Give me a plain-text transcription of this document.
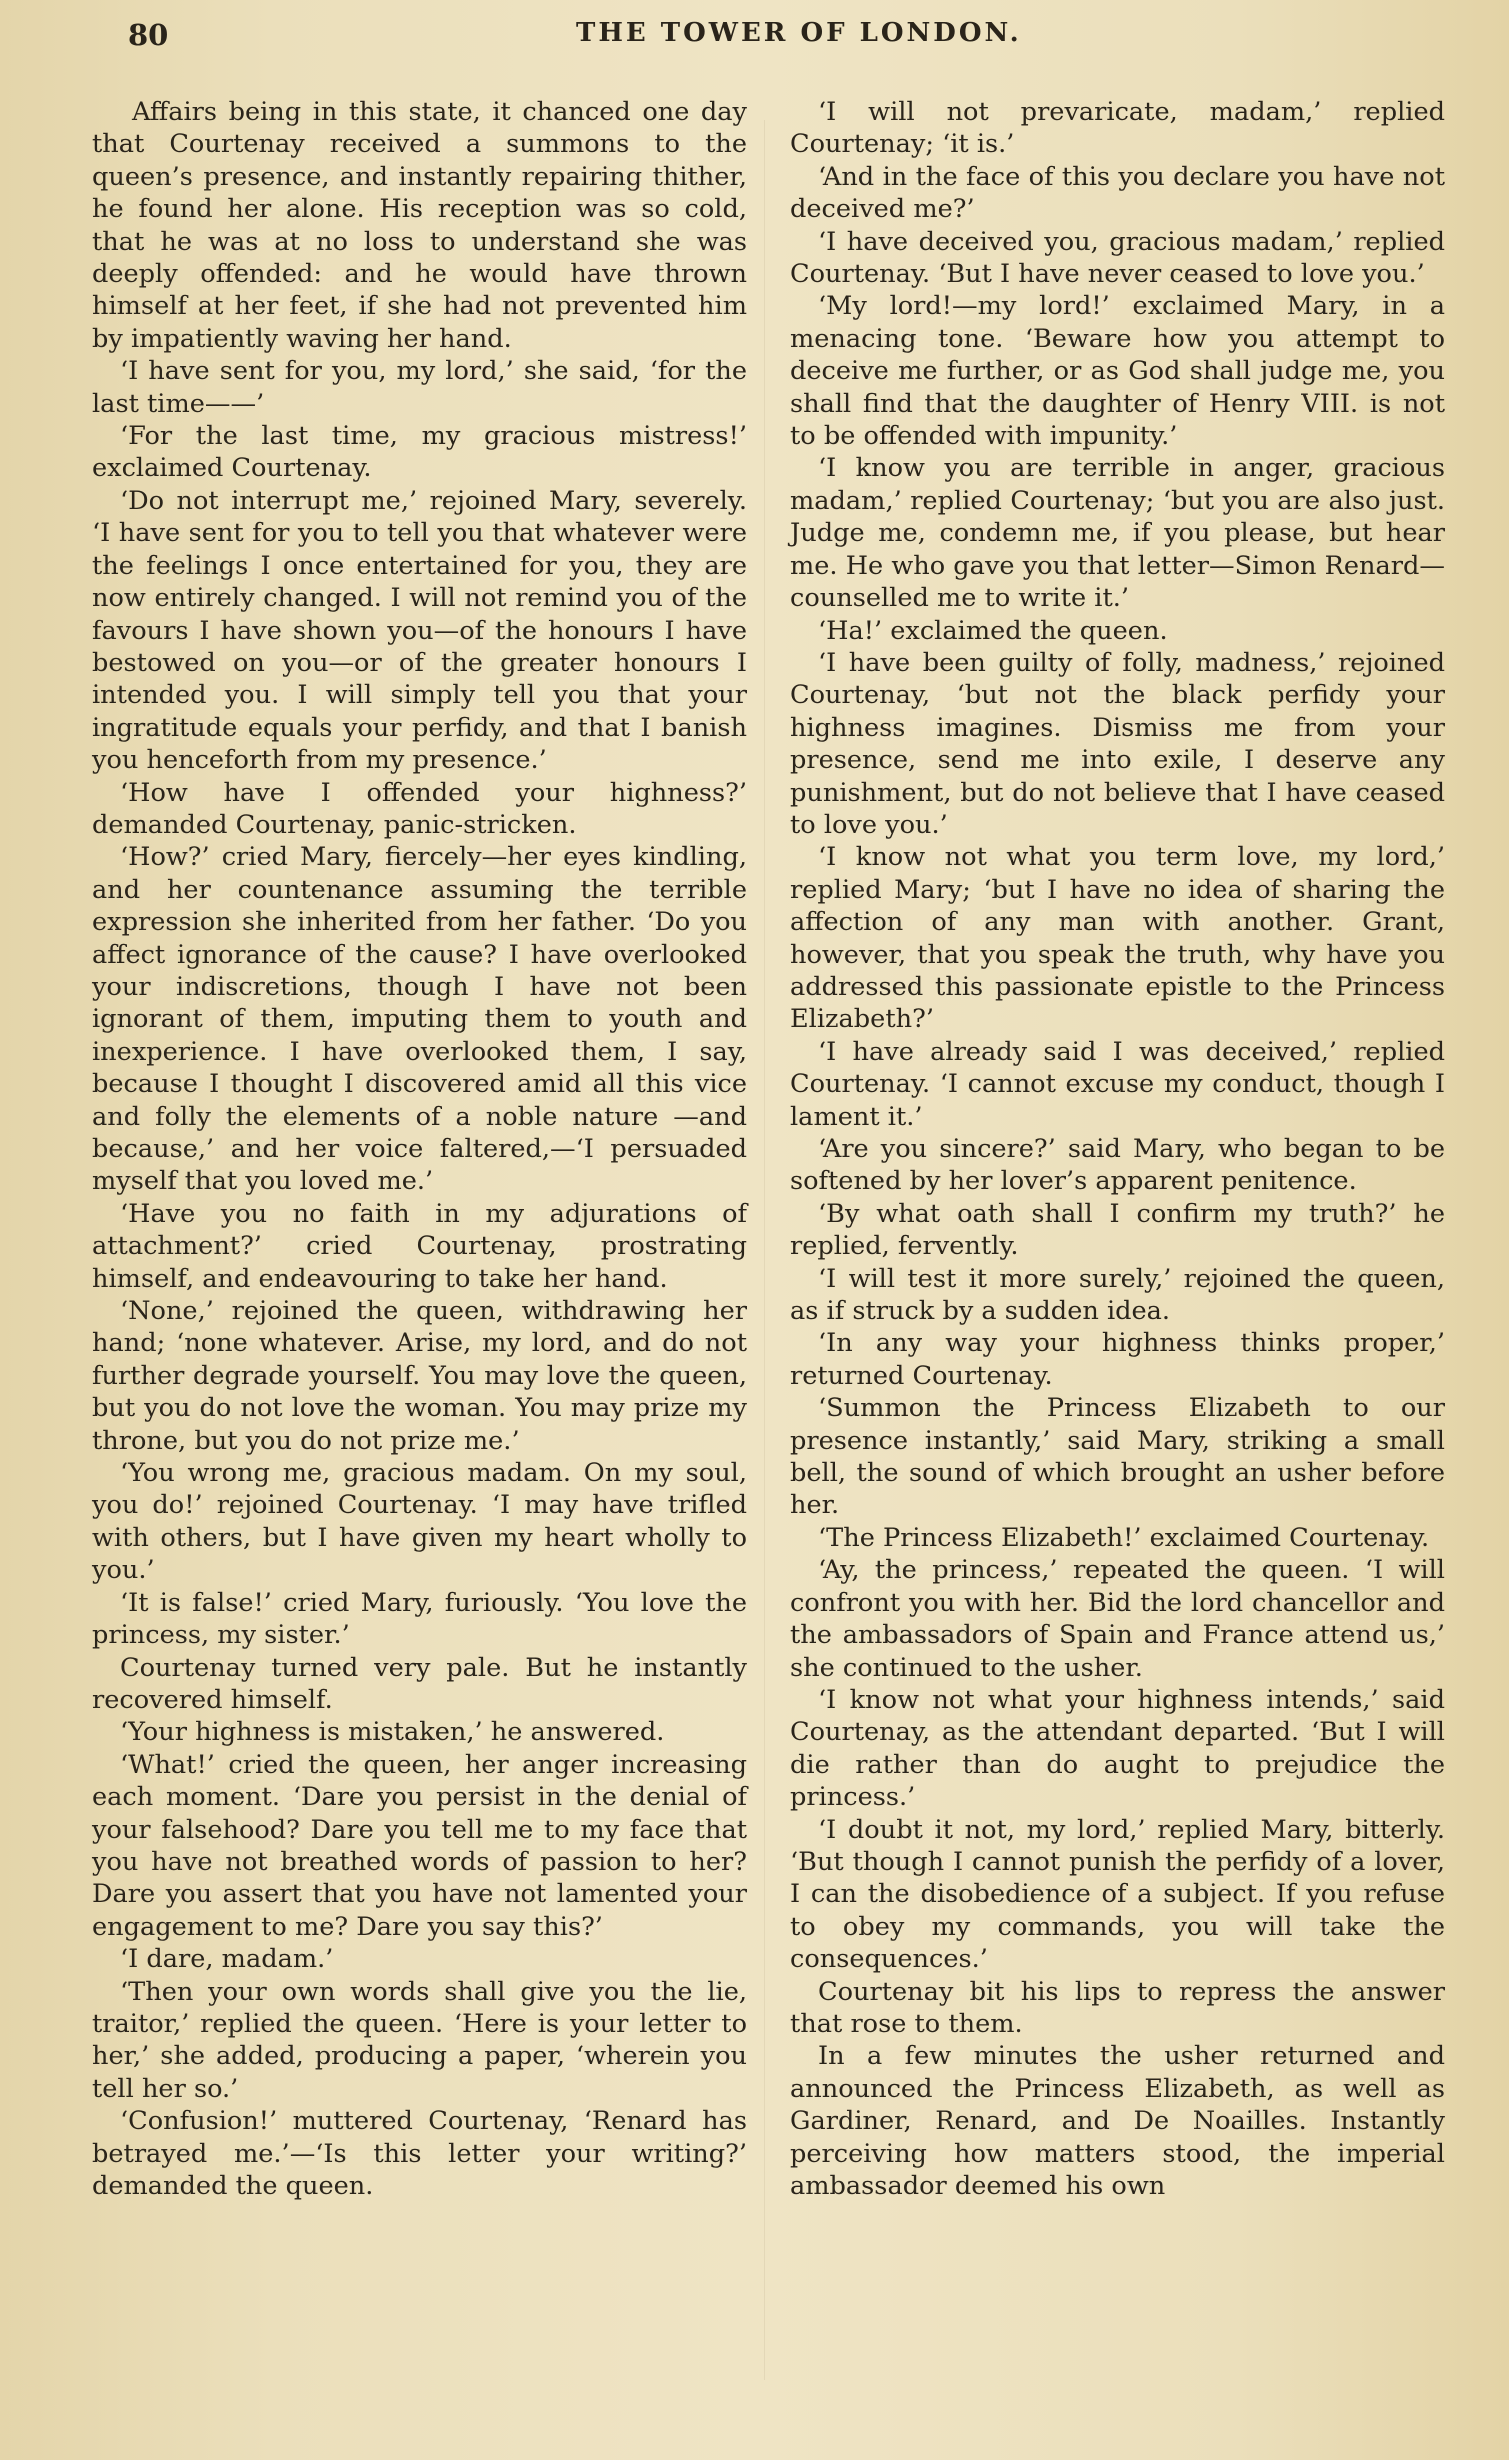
80	THE TOWER OF LONDON.

Affairs being in this state, it chanced one day that Courtenay received a summons to the queen’s presence, and instantly repairing thither, he found her alone. His reception was so cold, that he was at no loss to understand she was deeply offended: and he would have thrown himself at her feet, if she had not prevented him by impatiently waving her hand.

‘I have sent for you, my lord,’ she said, ‘for the last time——’

‘For the last time, my gracious mistress!’ exclaimed Courtenay.

‘Do not interrupt me,’ rejoined Mary, severely. ‘I have sent for you to tell you that whatever were the feelings I once entertained for you, they are now entirely changed. I will not remind you of the favours I have shown you—of the honours I have bestowed on you—or of the greater honours I intended you. I will simply tell you that your ingratitude equals your perfidy, and that I banish you henceforth from my presence.’

‘How have I offended your highness?’ demanded Courtenay, panic-stricken.

‘How?’ cried Mary, fiercely—her eyes kindling, and her countenance assuming the terrible expression she inherited from her father. ‘Do you affect ignorance of the cause? I have overlooked your indiscretions, though I have not been ignorant of them, imputing them to youth and inexperience. I have overlooked them, I say, because I thought I discovered amid all this vice and folly the elements of a noble nature —and because,’ and her voice faltered,—‘I persuaded myself that you loved me.’

‘Have you no faith in my adjurations of attachment?’ cried Courtenay, prostrating himself, and endeavouring to take her hand.

‘None,’ rejoined the queen, withdrawing her hand; ‘none whatever. Arise, my lord, and do not further degrade yourself. You may love the queen, but you do not love the woman. You may prize my throne, but you do not prize me.’

‘You wrong me, gracious madam. On my soul, you do!’ rejoined Courtenay. ‘I may have trifled with others, but I have given my heart wholly to you.’

‘It is false!’ cried Mary, furiously. ‘You love the princess, my sister.’

Courtenay turned very pale. But he instantly recovered himself.

‘Your highness is mistaken,’ he answered.

‘What!’ cried the queen, her anger increasing each moment. ‘Dare you persist in the denial of your falsehood? Dare you tell me to my face that you have not breathed words of passion to her? Dare you assert that you have not lamented your engagement to me? Dare you say this?’

‘I dare, madam.’

‘Then your own words shall give you the lie, traitor,’ replied the queen. ‘Here is your letter to her,’ she added, producing a paper, ‘wherein you tell her so.’

‘Confusion!’ muttered Courtenay, ‘Renard has betrayed me.’—‘Is this letter your writing?’ demanded the queen.

‘I will not prevaricate, madam,’ replied Courtenay; ‘it is.’

‘And in the face of this you declare you have not deceived me?’

‘I have deceived you, gracious madam,’ replied Courtenay. ‘But I have never ceased to love you.’

‘My lord!—my lord!’ exclaimed Mary, in a menacing tone. ‘Beware how you attempt to deceive me further, or as God shall judge me, you shall find that the daughter of Henry VIII. is not to be offended with impunity.’

‘I know you are terrible in anger, gracious madam,’ replied Courtenay; ‘but you are also just. Judge me, condemn me, if you please, but hear me. He who gave you that letter—Simon Renard—counselled me to write it.’

‘Ha!’ exclaimed the queen.

‘I have been guilty of folly, madness,’ rejoined Courtenay, ‘but not the black perfidy your highness imagines. Dismiss me from your presence, send me into exile, I deserve any punishment, but do not believe that I have ceased to love you.’

‘I know not what you term love, my lord,’ replied Mary; ‘but I have no idea of sharing the affection of any man with another. Grant, however, that you speak the truth, why have you addressed this passionate epistle to the Princess Elizabeth?’

‘I have already said I was deceived,’ replied Courtenay. ‘I cannot excuse my conduct, though I lament it.’

‘Are you sincere?’ said Mary, who began to be softened by her lover’s apparent penitence.

‘By what oath shall I confirm my truth?’ he replied, fervently.

‘I will test it more surely,’ rejoined the queen, as if struck by a sudden idea.

‘In any way your highness thinks proper,’ returned Courtenay.

‘Summon the Princess Elizabeth to our presence instantly,’ said Mary, striking a small bell, the sound of which brought an usher before her.

‘The Princess Elizabeth!’ exclaimed Courtenay.

‘Ay, the princess,’ repeated the queen. ‘I will confront you with her. Bid the lord chancellor and the ambassadors of Spain and France attend us,’ she continued to the usher.

‘I know not what your highness intends,’ said Courtenay, as the attendant departed. ‘But I will die rather than do aught to prejudice the princess.’

‘I doubt it not, my lord,’ replied Mary, bitterly. ‘But though I cannot punish the perfidy of a lover, I can the disobedience of a subject. If you refuse to obey my commands, you will take the consequences.’

Courtenay bit his lips to repress the answer that rose to them.

In a few minutes the usher returned and announced the Princess Elizabeth, as well as Gardiner, Renard, and De Noailles. Instantly perceiving how matters stood, the imperial ambassador deemed his own
